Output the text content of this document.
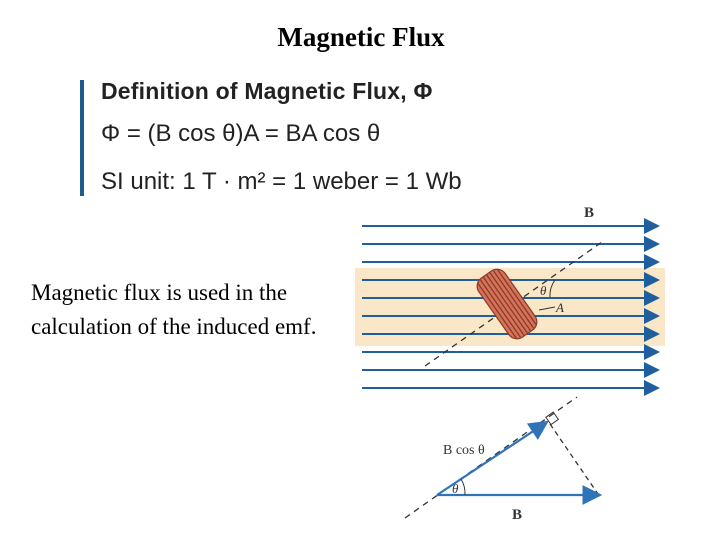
Magnetic Flux
Definition of Magnetic Flux, Φ
Φ = (B cos θ)A = BA cos θ
SI unit: 1 T · m² = 1 weber = 1 Wb
Magnetic flux is used in the calculation of the induced emf.
θ
A
B
θ
B cos θ
B
